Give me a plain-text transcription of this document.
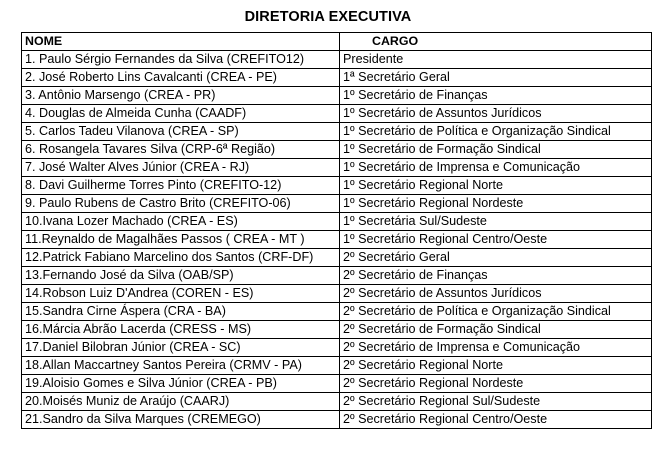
DIRETORIA EXECUTIVA
NOME	CARGO
1. Paulo Sérgio Fernandes da Silva (CREFITO12)	Presidente
2. José Roberto Lins Cavalcanti (CREA - PE)	1ª Secretário Geral
3. Antônio Marsengo (CREA - PR)	1º Secretário de Finanças
4. Douglas de Almeida Cunha (CAADF)	1º Secretário de Assuntos Jurídicos
5. Carlos Tadeu Vilanova (CREA - SP)	1º Secretário de Política e Organização Sindical
6. Rosangela Tavares Silva (CRP-6ª Região)	1º Secretário de Formação Sindical
7. José Walter Alves Júnior (CREA - RJ)	1º Secretário de Imprensa e Comunicação
8. Davi Guilherme Torres Pinto (CREFITO-12)	1º Secretário Regional Norte
9. Paulo Rubens de Castro Brito (CREFITO-06)	1º Secretário Regional Nordeste
10.Ivana Lozer Machado (CREA - ES)	1º Secretária Sul/Sudeste
11.Reynaldo de Magalhães Passos ( CREA - MT )	1º Secretário Regional Centro/Oeste
12.Patrick Fabiano Marcelino dos Santos (CRF-DF)	2º Secretário Geral
13.Fernando José da Silva (OAB/SP)	2º Secretário de Finanças
14.Robson Luiz D'Andrea (COREN - ES)	2º Secretário de Assuntos Jurídicos
15.Sandra Cirne Áspera (CRA - BA)	2º Secretário de Política e Organização Sindical
16.Márcia Abrão Lacerda (CRESS - MS)	2º Secretário de Formação Sindical
17.Daniel Bilobran Júnior (CREA - SC)	2º Secretário de Imprensa e Comunicação
18.Allan Maccartney Santos Pereira (CRMV - PA)	2º Secretário Regional Norte
19.Aloisio Gomes e Silva Júnior (CREA - PB)	2º Secretário Regional Nordeste
20.Moisés Muniz de Araújo (CAARJ)	2º Secretário Regional Sul/Sudeste
21.Sandro da Silva Marques (CREMEGO)	2º Secretário Regional Centro/Oeste
